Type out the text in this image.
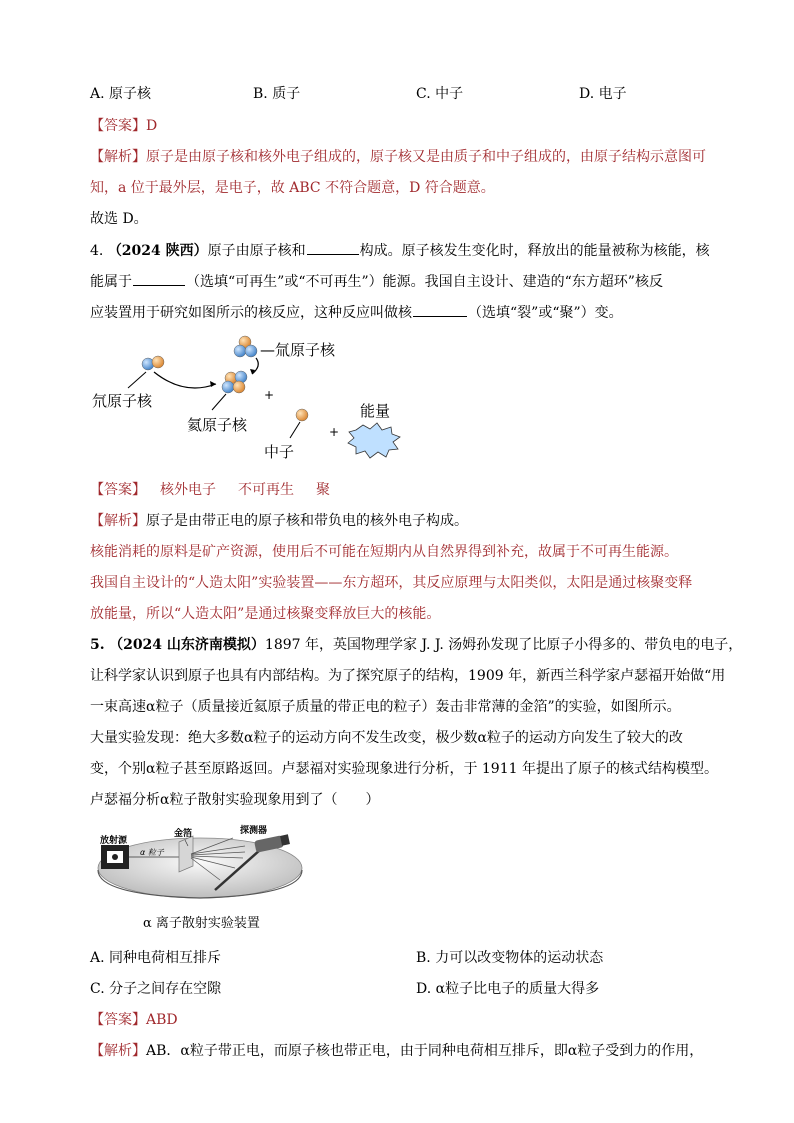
A. 原子核	B. 质子	C. 中子	D. 电子
【答案】D
【解析】原子是由原子核和核外电子组成的，原子核又是由质子和中子组成的，由原子结构示意图可
知，a 位于最外层，是电子，故 ABC 不符合题意，D 符合题意。
故选 D。
4. （2024 陕西）原子由原子核和	构成。原子核发生变化时，释放出的能量被称为核能，核
能属于	（选填“可再生”或“不可再生”）能源。我国自主设计、建造的“东方超环”核反
应装置用于研究如图所示的核反应，这种反应叫做核	（选填“裂”或“聚”）变。
—氚原子核
氘原子核
氦原子核
中子
能量
+
+
【答案】 核外电子 不可再生 聚
【解析】原子是由带正电的原子核和带负电的核外电子构成。
核能消耗的原料是矿产资源，使用后不可能在短期内从自然界得到补充，故属于不可再生能源。
我国自主设计的“人造太阳”实验装置——东方超环，其反应原理与太阳类似，太阳是通过核聚变释
放能量，所以“人造太阳”是通过核聚变释放巨大的核能。
5. （2024 山东济南模拟）1897 年，英国物理学家 J. J. 汤姆孙发现了比原子小得多的、带负电的电子，
让科学家认识到原子也具有内部结构。为了探究原子的结构，1909 年，新西兰科学家卢瑟福开始做“用
一束高速α粒子（质量接近氦原子质量的带正电的粒子）轰击非常薄的金箔”的实验，如图所示。
大量实验发现：绝大多数α粒子的运动方向不发生改变，极少数α粒子的运动方向发生了较大的改
变，个别α粒子甚至原路返回。卢瑟福对实验现象进行分析，于 1911 年提出了原子的核式结构模型。
卢瑟福分析α粒子散射实验现象用到了（　　）
放射源
金箔	探测器
α 粒子
α 离子散射实验装置
A. 同种电荷相互排斥	B. 力可以改变物体的运动状态
C. 分子之间存在空隙	D. α粒子比电子的质量大得多
【答案】ABD
【解析】AB．α粒子带正电，而原子核也带正电，由于同种电荷相互排斥，即α粒子受到力的作用，
